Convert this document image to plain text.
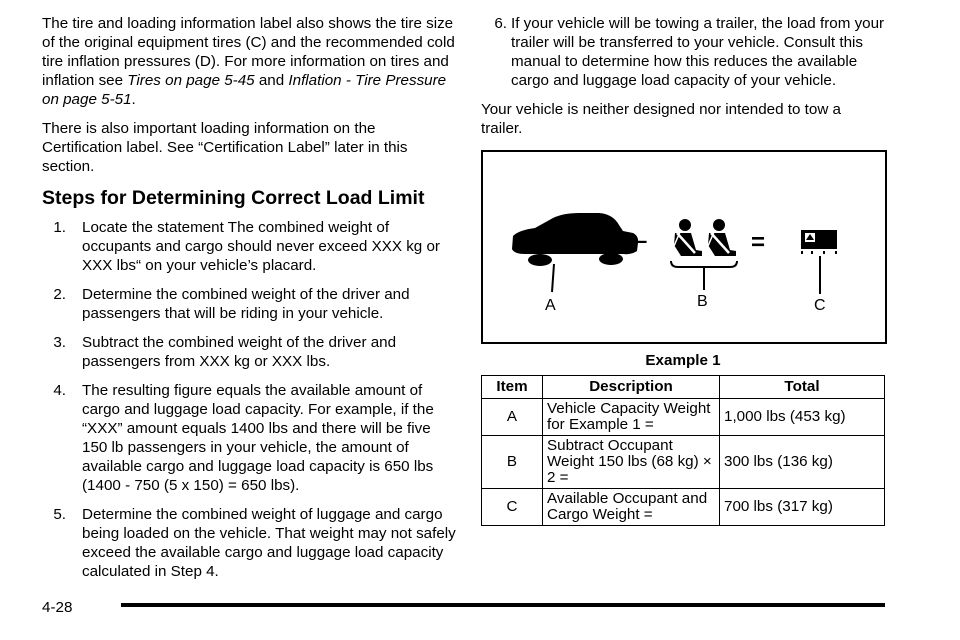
The tire and loading information label also shows the tire size of the original equipment tires (C) and the recommended cold tire inflation pressures (D). For more information on tires and inflation see Tires on page 5-45 and Inflation - Tire Pressure on page 5-51.

There is also important loading information on the Certification label. See “Certification Label” later in this section.

Steps for Determining Correct Load Limit
1. Locate the statement The combined weight of occupants and cargo should never exceed XXX kg or XXX lbs“ on your vehicle’s placard.
2. Determine the combined weight of the driver and passengers that will be riding in your vehicle.
3. Subtract the combined weight of the driver and passengers from XXX kg or XXX lbs.
4. The resulting figure equals the available amount of cargo and luggage load capacity. For example, if the “XXX” amount equals 1400 lbs and there will be five 150 lb passengers in your vehicle, the amount of available cargo and luggage load capacity is 650 lbs (1400 - 750 (5 x 150) = 650 lbs).
5. Determine the combined weight of luggage and cargo being loaded on the vehicle. That weight may not safely exceed the available cargo and luggage load capacity calculated in Step 4.
6. If your vehicle will be towing a trailer, the load from your trailer will be transferred to your vehicle. Consult this manual to determine how this reduces the available cargo and luggage load capacity of your vehicle.

Your vehicle is neither designed nor intended to tow a trailer.

A
–
B
=
C
Example 1
Item	Description	Total
A	Vehicle Capacity Weight for Example 1 =	1,000 lbs (453 kg)
B	Subtract Occupant Weight 150 lbs (68 kg) × 2 =	300 lbs (136 kg)
C	Available Occupant and Cargo Weight =	700 lbs (317 kg)
4-28
